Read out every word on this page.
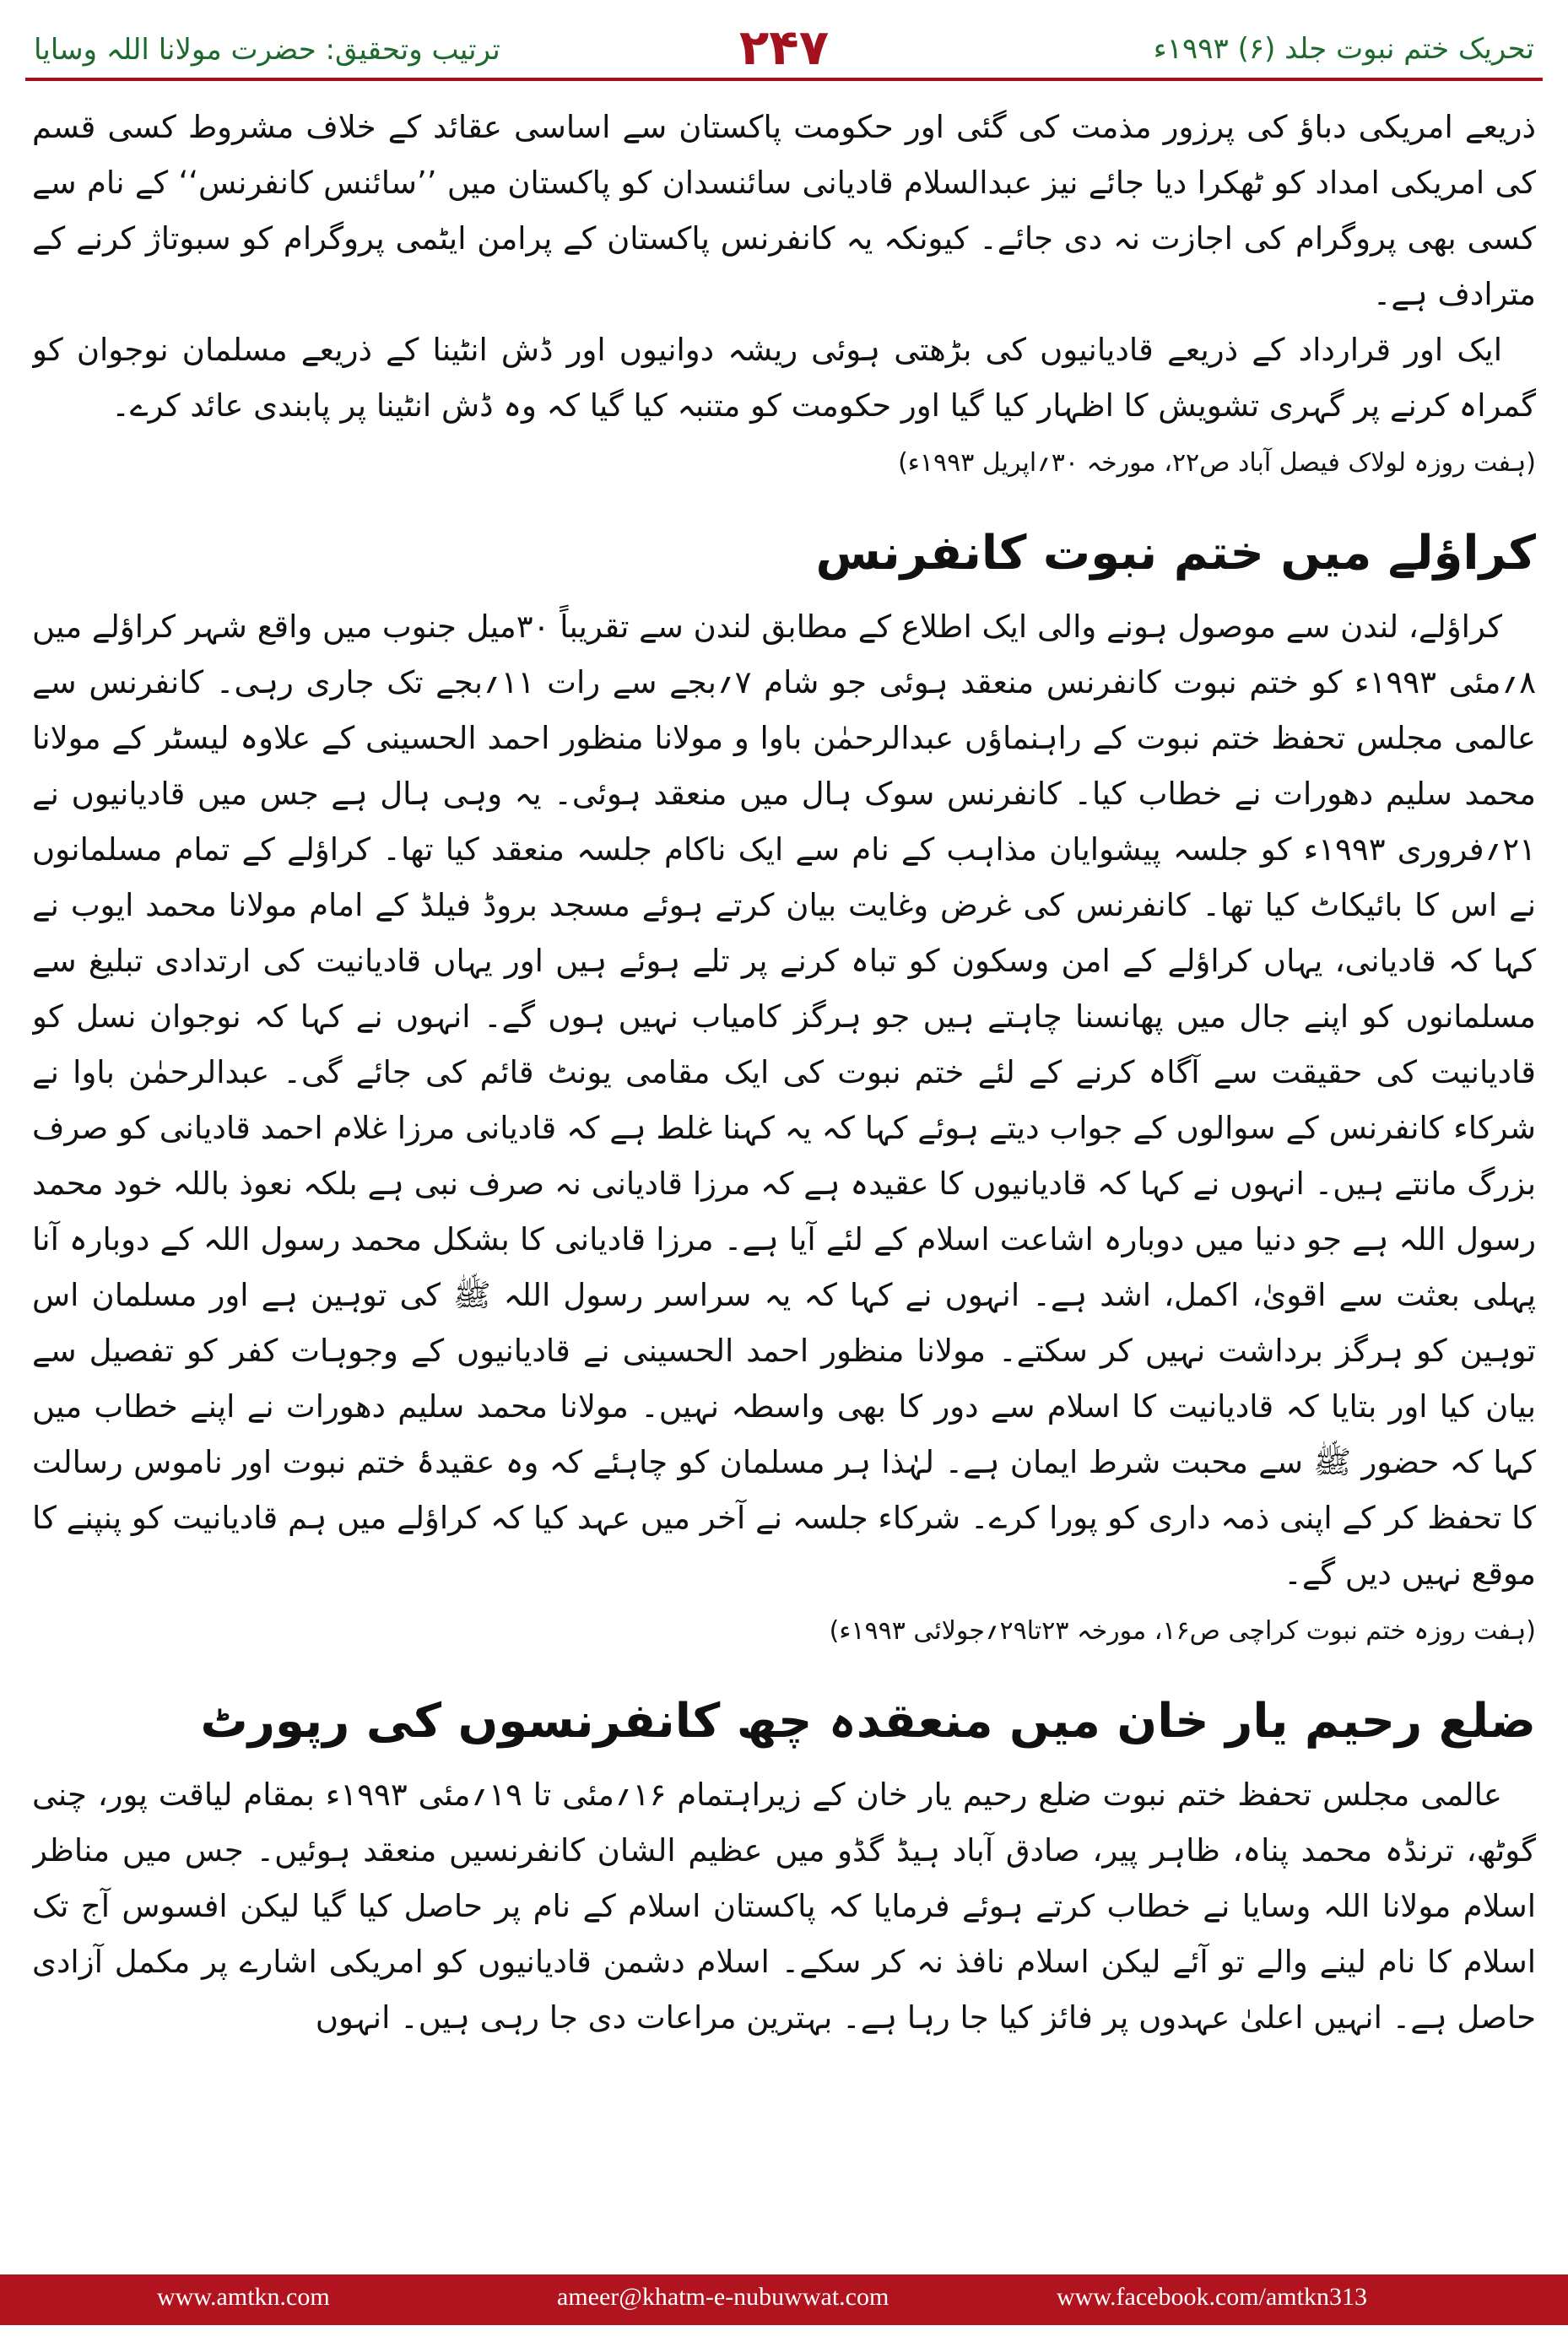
تحریک ختم نبوت جلد (۶) ۱۹۹۳ء
۲۴۷
ترتیب وتحقیق: حضرت مولانا اللہ وسایا

ذریعے امریکی دباؤ کی پرزور مذمت کی گئی اور حکومت پاکستان سے اساسی عقائد کے خلاف مشروط کسی قسم کی امریکی امداد کو ٹھکرا دیا جائے نیز عبدالسلام قادیانی سائنسدان کو پاکستان میں ’’سائنس کانفرنس‘‘ کے نام سے کسی بھی پروگرام کی اجازت نہ دی جائے۔ کیونکہ یہ کانفرنس پاکستان کے پرامن ایٹمی پروگرام کو سبوتاژ کرنے کے مترادف ہے۔

ایک اور قرارداد کے ذریعے قادیانیوں کی بڑھتی ہوئی ریشہ دوانیوں اور ڈش انٹینا کے ذریعے مسلمان نوجوان کو گمراہ کرنے پر گہری تشویش کا اظہار کیا گیا اور حکومت کو متنبہ کیا گیا کہ وہ ڈش انٹینا پر پابندی عائد کرے۔

(ہفت روزہ لولاک فیصل آباد ص۲۲، مورخہ ۳۰؍اپریل ۱۹۹۳ء)

کراؤلے میں ختم نبوت کانفرنس

کراؤلے، لندن سے موصول ہونے والی ایک اطلاع کے مطابق لندن سے تقریباً ۳۰میل جنوب میں واقع شہر کراؤلے میں ۸؍مئی ۱۹۹۳ء کو ختم نبوت کانفرنس منعقد ہوئی جو شام ۷؍بجے سے رات ۱۱؍بجے تک جاری رہی۔ کانفرنس سے عالمی مجلس تحفظ ختم نبوت کے راہنماؤں عبدالرحمٰن باوا و مولانا منظور احمد الحسینی کے علاوہ لیسٹر کے مولانا محمد سلیم دھورات نے خطاب کیا۔ کانفرنس سوک ہال میں منعقد ہوئی۔ یہ وہی ہال ہے جس میں قادیانیوں نے ۲۱؍فروری ۱۹۹۳ء کو جلسہ پیشوایان مذاہب کے نام سے ایک ناکام جلسہ منعقد کیا تھا۔ کراؤلے کے تمام مسلمانوں نے اس کا بائیکاٹ کیا تھا۔ کانفرنس کی غرض وغایت بیان کرتے ہوئے مسجد بروڈ فیلڈ کے امام مولانا محمد ایوب نے کہا کہ قادیانی، یہاں کراؤلے کے امن وسکون کو تباہ کرنے پر تلے ہوئے ہیں اور یہاں قادیانیت کی ارتدادی تبلیغ سے مسلمانوں کو اپنے جال میں پھانسنا چاہتے ہیں جو ہرگز کامیاب نہیں ہوں گے۔ انہوں نے کہا کہ نوجوان نسل کو قادیانیت کی حقیقت سے آگاہ کرنے کے لئے ختم نبوت کی ایک مقامی یونٹ قائم کی جائے گی۔ عبدالرحمٰن باوا نے شرکاء کانفرنس کے سوالوں کے جواب دیتے ہوئے کہا کہ یہ کہنا غلط ہے کہ قادیانی مرزا غلام احمد قادیانی کو صرف بزرگ مانتے ہیں۔ انہوں نے کہا کہ قادیانیوں کا عقیدہ ہے کہ مرزا قادیانی نہ صرف نبی ہے بلکہ نعوذ باللہ خود محمد رسول اللہ ہے جو دنیا میں دوبارہ اشاعت اسلام کے لئے آیا ہے۔ مرزا قادیانی کا بشکل محمد رسول اللہ کے دوبارہ آنا پہلی بعثت سے اقویٰ، اکمل، اشد ہے۔ انہوں نے کہا کہ یہ سراسر رسول اللہ ﷺ کی توہین ہے اور مسلمان اس توہین کو ہرگز برداشت نہیں کر سکتے۔ مولانا منظور احمد الحسینی نے قادیانیوں کے وجوہات کفر کو تفصیل سے بیان کیا اور بتایا کہ قادیانیت کا اسلام سے دور کا بھی واسطہ نہیں۔ مولانا محمد سلیم دھورات نے اپنے خطاب میں کہا کہ حضور ﷺ سے محبت شرط ایمان ہے۔ لہٰذا ہر مسلمان کو چاہئے کہ وہ عقیدۂ ختم نبوت اور ناموس رسالت کا تحفظ کر کے اپنی ذمہ داری کو پورا کرے۔ شرکاء جلسہ نے آخر میں عہد کیا کہ کراؤلے میں ہم قادیانیت کو پنپنے کا موقع نہیں دیں گے۔

(ہفت روزہ ختم نبوت کراچی ص۱۶، مورخہ ۲۳تا۲۹؍جولائی ۱۹۹۳ء)

ضلع رحیم یار خان میں منعقدہ چھ کانفرنسوں کی رپورٹ

عالمی مجلس تحفظ ختم نبوت ضلع رحیم یار خان کے زیراہتمام ۱۶؍مئی تا ۱۹؍مئی ۱۹۹۳ء بمقام لیاقت پور، چنی گوٹھ، ترنڈہ محمد پناہ، ظاہر پیر، صادق آباد ہیڈ گڈو میں عظیم الشان کانفرنسیں منعقد ہوئیں۔ جس میں مناظر اسلام مولانا اللہ وسایا نے خطاب کرتے ہوئے فرمایا کہ پاکستان اسلام کے نام پر حاصل کیا گیا لیکن افسوس آج تک اسلام کا نام لینے والے تو آئے لیکن اسلام نافذ نہ کر سکے۔ اسلام دشمن قادیانیوں کو امریکی اشارے پر مکمل آزادی حاصل ہے۔ انہیں اعلیٰ عہدوں پر فائز کیا جا رہا ہے۔ بہترین مراعات دی جا رہی ہیں۔ انہوں

www.amtkn.com	ameer@khatm-e-nubuwwat.com	www.facebook.com/amtkn313
